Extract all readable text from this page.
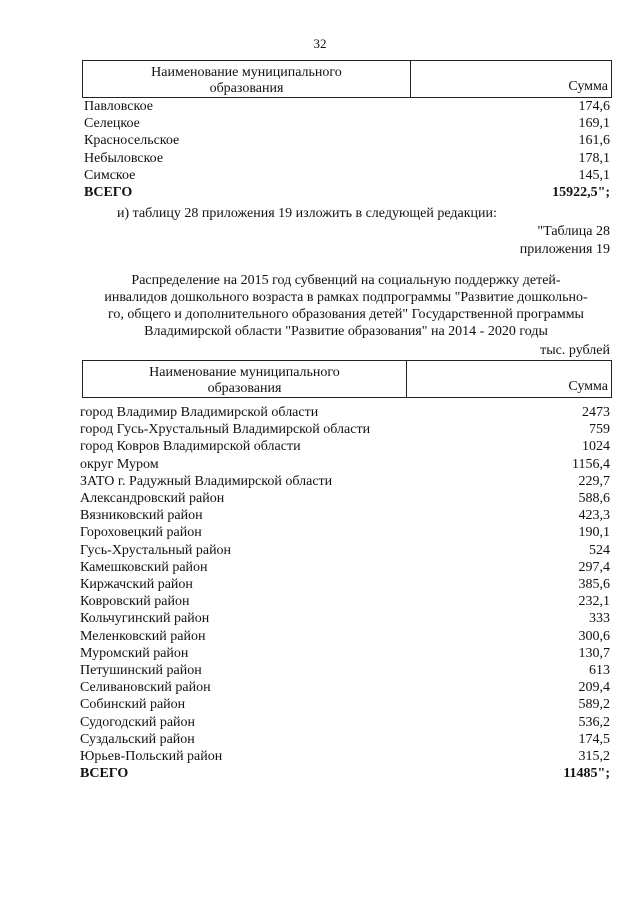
32
Наименование муниципального
образования	Сумма
Павловское	174,6
Селецкое	169,1
Красносельское	161,6
Небыловское	178,1
Симское	145,1
ВСЕГО	15922,5";
и) таблицу 28 приложения 19 изложить в следующей редакции:
"Таблица 28
приложения 19
Распределение на 2015 год субвенций на социальную поддержку детей-
инвалидов дошкольного возраста в рамках подпрограммы "Развитие дошкольно-
го, общего и дополнительного образования детей" Государственной программы
Владимирской области "Развитие образования" на 2014 - 2020 годы
тыс. рублей
Наименование муниципального
образования	Сумма
город Владимир Владимирской области	2473
город Гусь-Хрустальный Владимирской области	759
город Ковров Владимирской области	1024
округ Муром	1156,4
ЗАТО г. Радужный Владимирской области	229,7
Александровский район	588,6
Вязниковский район	423,3
Гороховецкий район	190,1
Гусь-Хрустальный район	524
Камешковский район	297,4
Киржачский район	385,6
Ковровский район	232,1
Кольчугинский район	333
Меленковский район	300,6
Муромский район	130,7
Петушинский район	613
Селивановский район	209,4
Собинский район	589,2
Судогодский район	536,2
Суздальский район	174,5
Юрьев-Польский район	315,2
ВСЕГО	11485";
